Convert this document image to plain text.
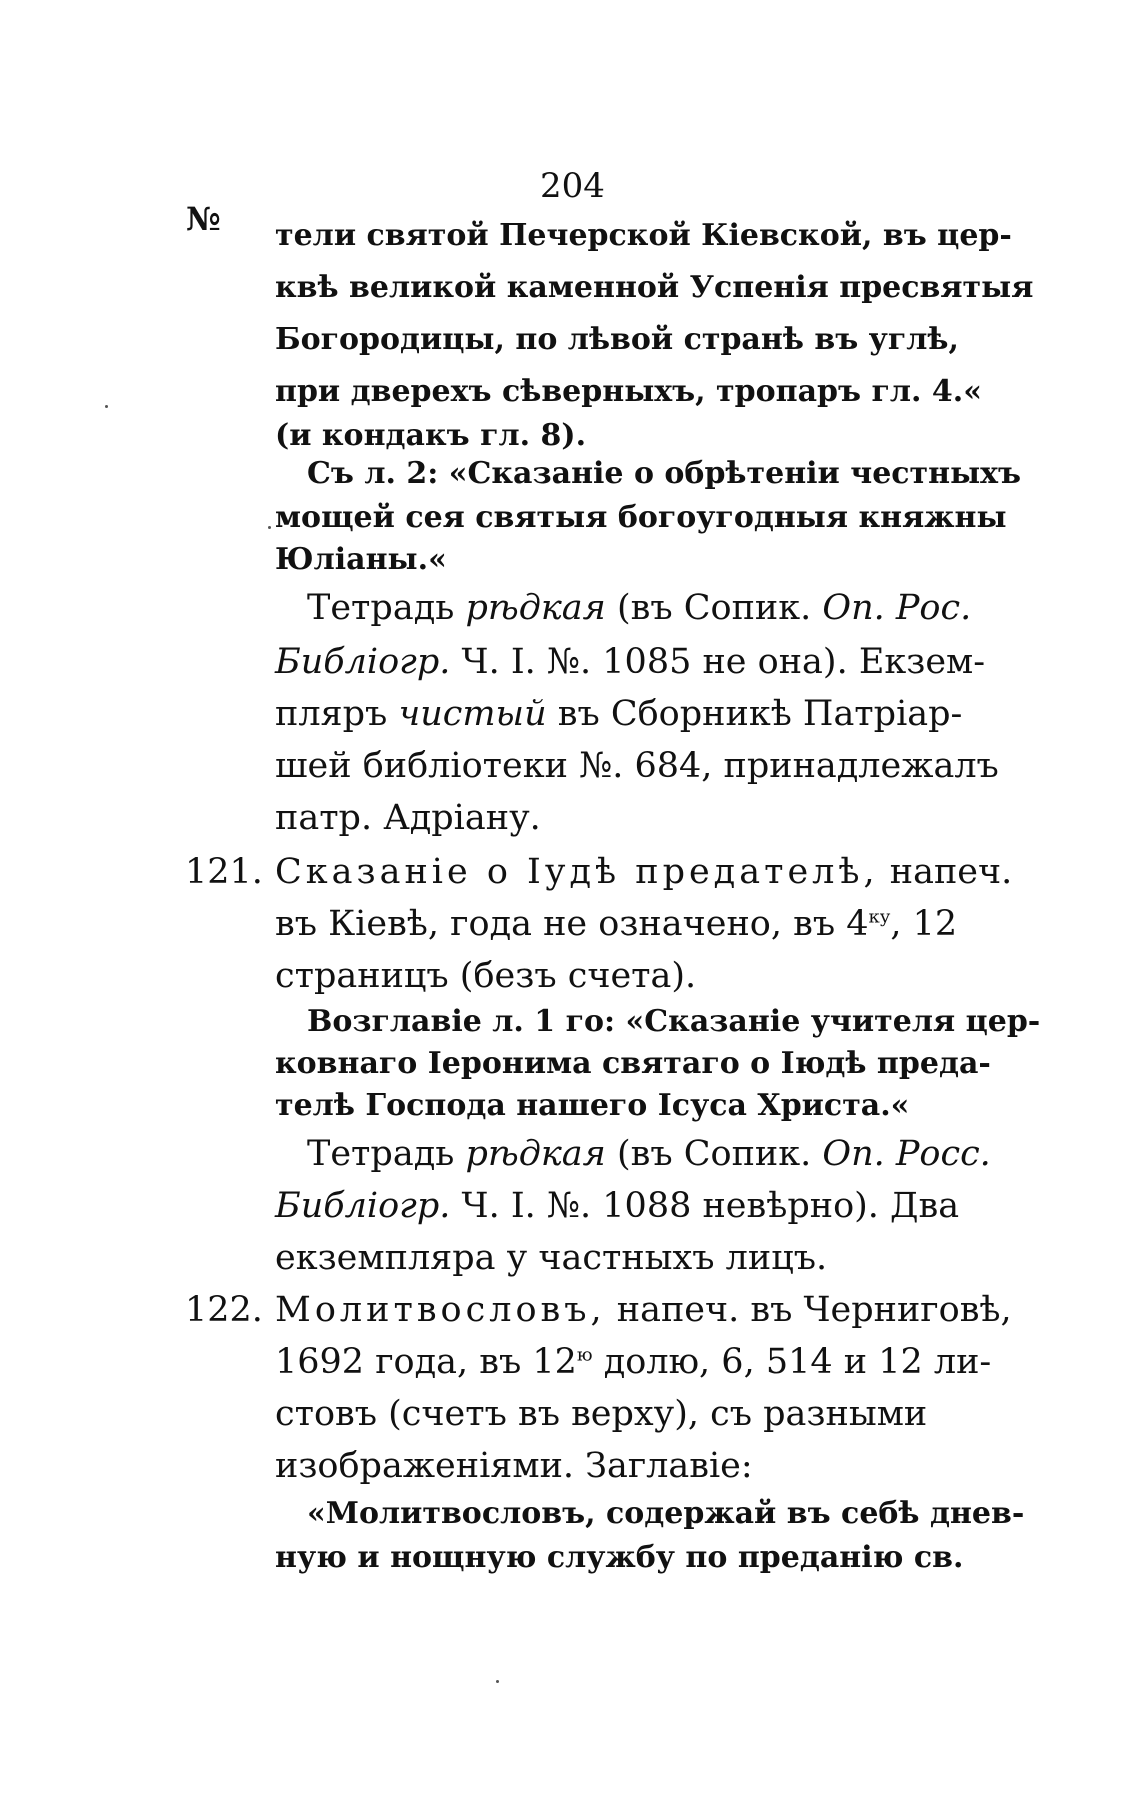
204
№ тели святой Печерской Кіевской, въ цер-
квѣ великой каменной Успенія пресвятыя
Богородицы, по лѣвой странѣ въ углѣ,
при дверехъ сѣверныхъ, тропаръ гл. 4.«
(и кондакъ гл. 8).
Съ л. 2: «Сказаніе о обрѣтеніи честныхъ
мощей сея святыя богоугодныя княжны
Юліаны.«
Тетрадь рѣдкая (въ Сопик. Оп. Рос.
Библіогр. Ч. I. №. 1085 не она). Екзем-
пляръ чистый въ Сборникѣ Патріар-
шей библіотеки №. 684, принадлежалъ
патр. Адріану.
121. Сказаніе о Іудѣ предателѣ, напеч.
въ Кіевѣ, года не означено, въ $4^{ку}$, 12
страницъ (безъ счета).
Возглавіе л. 1 го: «Сказаніе учителя цер-
ковнаго Іеронима святаго о Іюдѣ преда-
телѣ Господа нашего Ісуса Христа.«
Тетрадь рѣдкая (въ Сопик. Оп. Росс.
Библіогр. Ч. I. №. 1088 невѣрно). Два
екземпляра у частныхъ лицъ.
122. Молитвословъ, напеч. въ Черниговѣ,
1692 года, въ $12^ю$ долю, 6, 514 и 12 ли-
стовъ (счетъ въ верху), съ разными
изображеніями. Заглавіе:
«Молитвословъ, содержай въ себѣ днев-
ную и нощную службу по преданію св.
